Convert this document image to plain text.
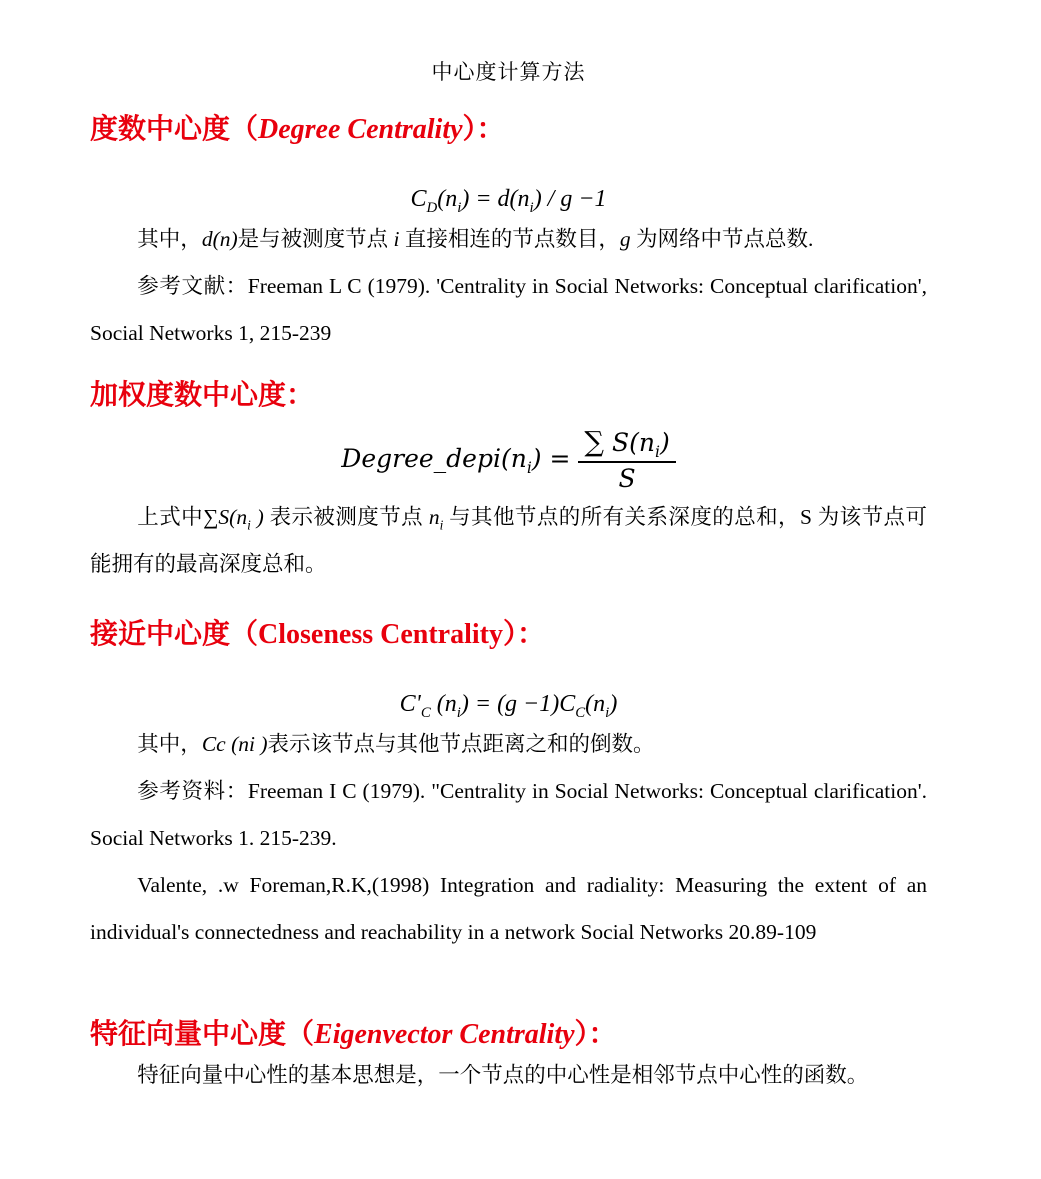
中心度计算方法

度数中心度（Degree Centrality）：
$C_D(n_i) = d(n_i) / g -1$

其中，d(n)是与被测度节点 i 直接相连的节点数目，g 为网络中节点总数.

参考文献：Freeman L C (1979). 'Centrality in Social Networks: Conceptual clarification', Social Networks 1, 215-239

加权度数中心度：
$Degree\_depi(n_i) = \frac{\sum S(n_i)}{S}$

上式中$\sum S(n_i$ ) 表示被测度节点 $n_i$ 与其他节点的所有关系深度的总和，S 为该节点可能拥有的最高深度总和。

接近中心度（Closeness Centrality）：
$C'_C$ $(n_i) = (g -1)C_C(n_i)$

其中，Cc (ni )表示该节点与其他节点距离之和的倒数。

参考资料：Freeman I C (1979). "Centrality in Social Networks: Conceptual clarification'. Social Networks 1. 215-239.

Valente, .w Foreman,R.K,(1998) Integration and radiality: Measuring the extent of an individual's connectedness and reachability in a network Social Networks 20.89-109

特征向量中心度（Eigenvector Centrality）：

特征向量中心性的基本思想是，一个节点的中心性是相邻节点中心性的函数。
